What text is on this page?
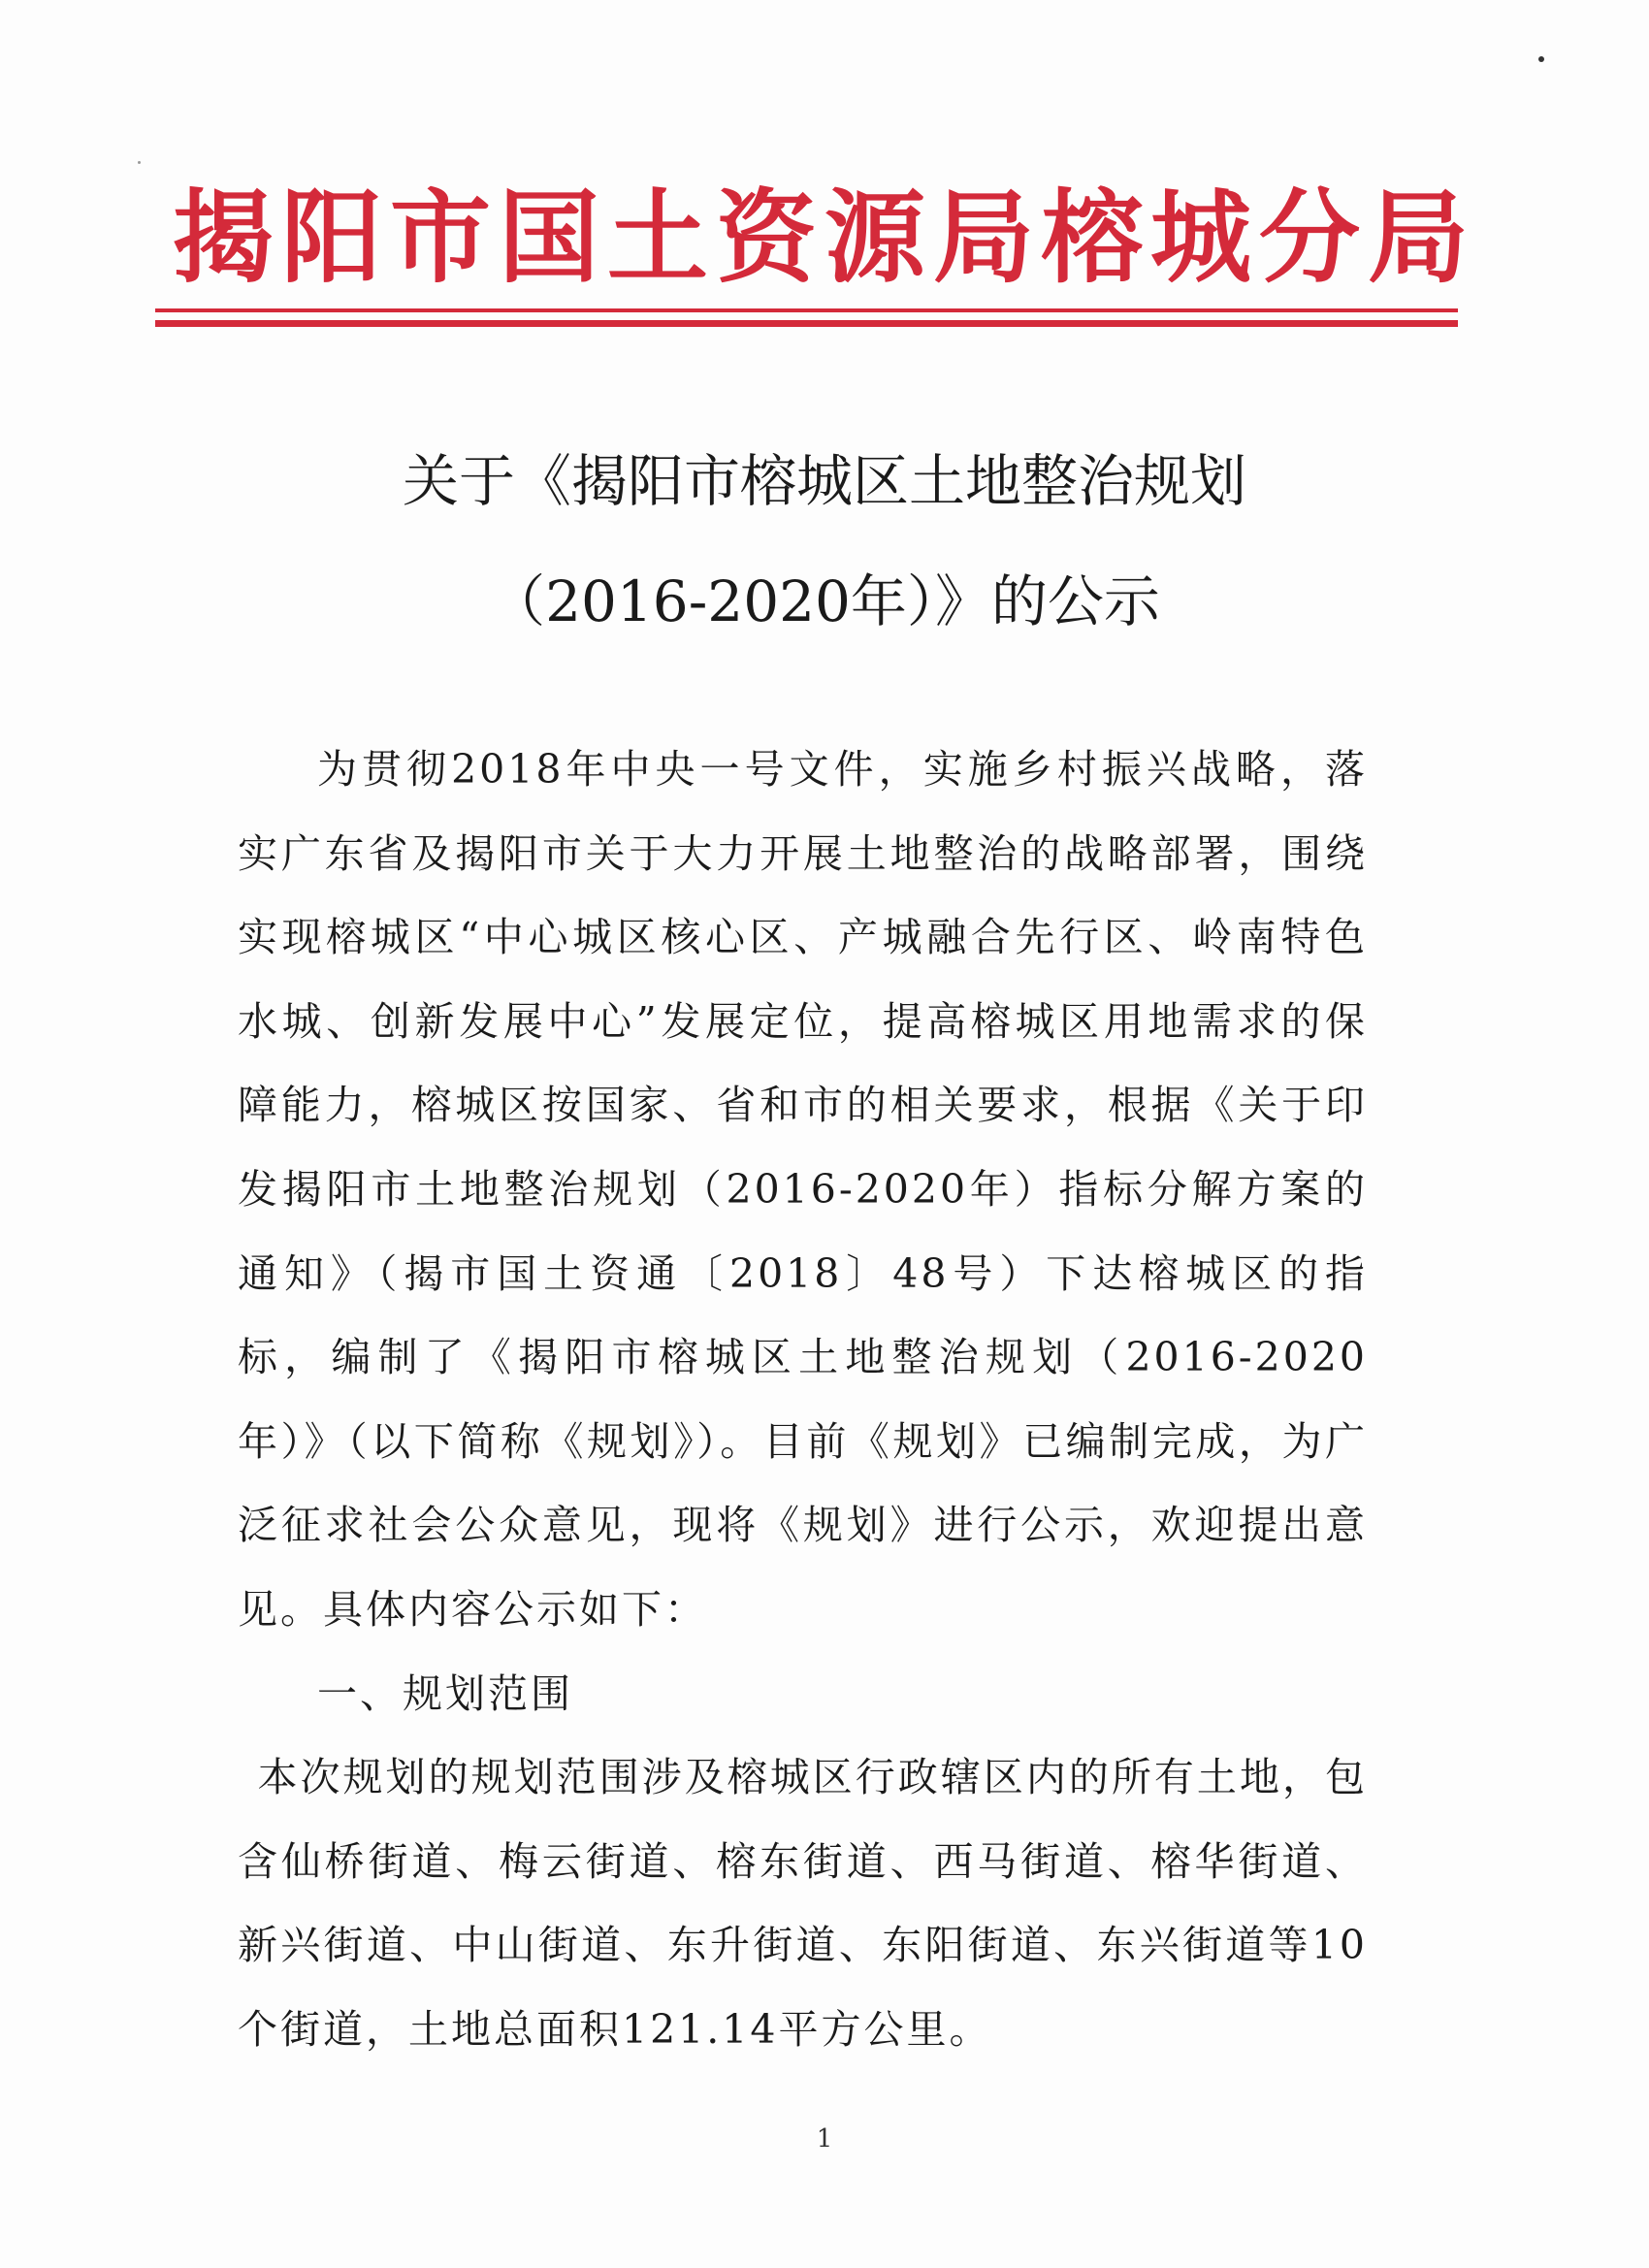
揭阳市国土资源局榕城分局
关于《揭阳市榕城区土地整治规划
（2016-2020年）》的公示

为贯彻2018年中央一号文件，实施乡村振兴战略，落实广东省及揭阳市关于大力开展土地整治的战略部署，围绕实现榕城区“中心城区核心区、产城融合先行区、岭南特色水城、创新发展中心”发展定位，提高榕城区用地需求的保障能力，榕城区按国家、省和市的相关要求，根据《关于印发揭阳市土地整治规划（2016-2020年）指标分解方案的通知》（揭市国土资通〔2018〕48号）下达榕城区的指标，编制了《揭阳市榕城区土地整治规划（2016-2020年）》（以下简称《规划》）。目前《规划》已编制完成，为广泛征求社会公众意见，现将《规划》进行公示，欢迎提出意见。具体内容公示如下：

一、规划范围

本次规划的规划范围涉及榕城区行政辖区内的所有土地，包含仙桥街道、梅云街道、榕东街道、西马街道、榕华街道、新兴街道、中山街道、东升街道、东阳街道、东兴街道等10个街道，土地总面积121.14平方公里。

1
